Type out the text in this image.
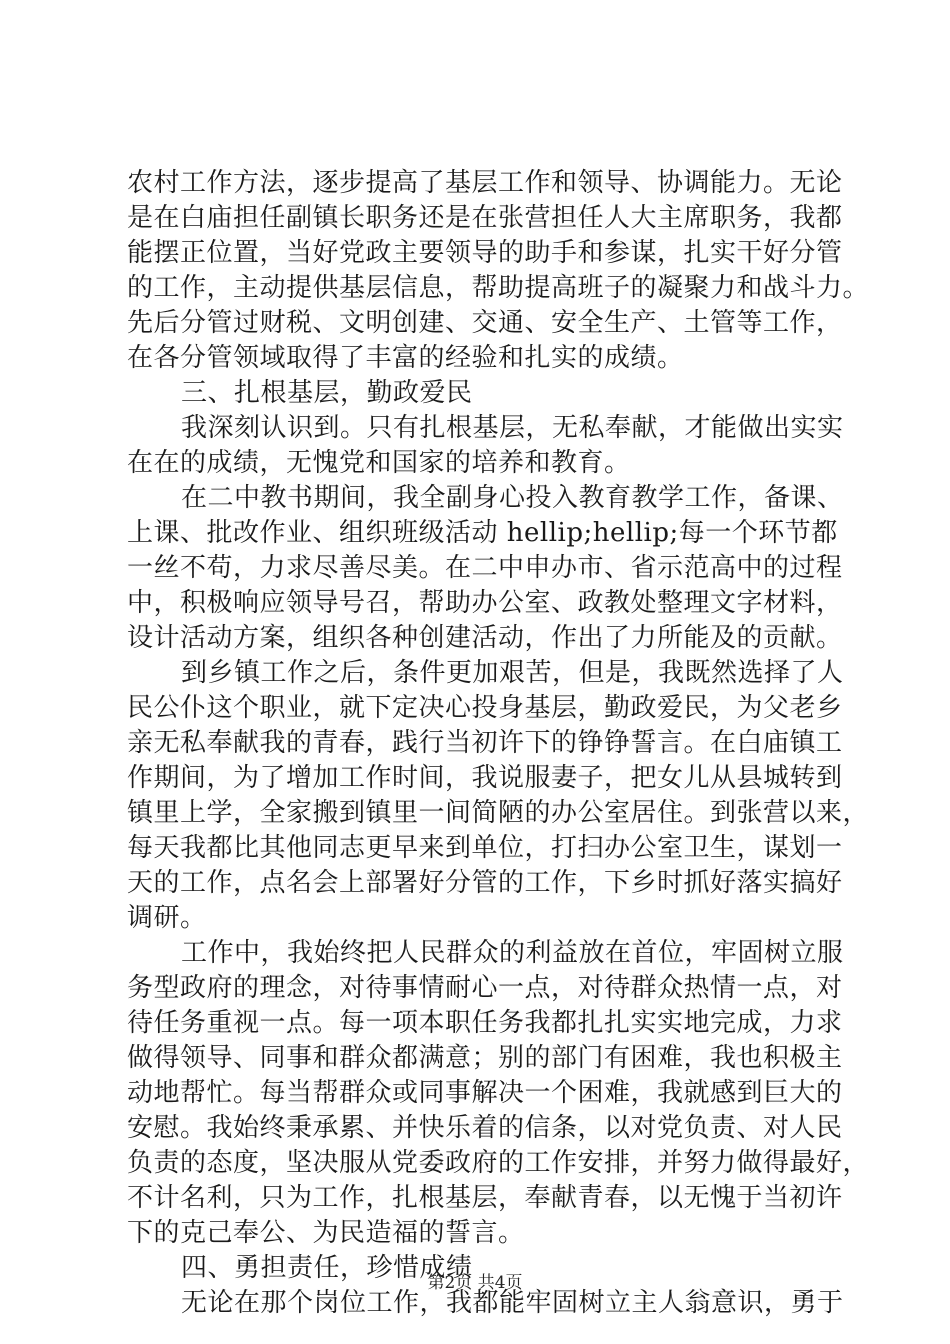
农村工作方法，逐步提高了基层工作和领导、协调能力。无论
是在白庙担任副镇长职务还是在张营担任人大主席职务，我都
能摆正位置，当好党政主要领导的助手和参谋，扎实干好分管
的工作，主动提供基层信息，帮助提高班子的凝聚力和战斗力。
先后分管过财税、文明创建、交通、安全生产、土管等工作，
在各分管领域取得了丰富的经验和扎实的成绩。
三、扎根基层，勤政爱民
我深刻认识到。只有扎根基层，无私奉献，才能做出实实
在在的成绩，无愧党和国家的培养和教育。
在二中教书期间，我全副身心投入教育教学工作，备课、
上课、批改作业、组织班级活动 hellip;hellip;每一个环节都
一丝不苟，力求尽善尽美。在二中申办市、省示范高中的过程
中，积极响应领导号召，帮助办公室、政教处整理文字材料，
设计活动方案，组织各种创建活动，作出了力所能及的贡献。
到乡镇工作之后，条件更加艰苦，但是，我既然选择了人
民公仆这个职业，就下定决心投身基层，勤政爱民，为父老乡
亲无私奉献我的青春，践行当初许下的铮铮誓言。在白庙镇工
作期间，为了增加工作时间，我说服妻子，把女儿从县城转到
镇里上学，全家搬到镇里一间简陋的办公室居住。到张营以来，
每天我都比其他同志更早来到单位，打扫办公室卫生，谋划一
天的工作，点名会上部署好分管的工作，下乡时抓好落实搞好
调研。
工作中，我始终把人民群众的利益放在首位，牢固树立服
务型政府的理念，对待事情耐心一点，对待群众热情一点，对
待任务重视一点。每一项本职任务我都扎扎实实地完成，力求
做得领导、同事和群众都满意；别的部门有困难，我也积极主
动地帮忙。每当帮群众或同事解决一个困难，我就感到巨大的
安慰。我始终秉承累、并快乐着的信条，以对党负责、对人民
负责的态度，坚决服从党委政府的工作安排，并努力做得最好，
不计名利，只为工作，扎根基层，奉献青春，以无愧于当初许
下的克己奉公、为民造福的誓言。
四、勇担责任，珍惜成绩
无论在那个岗位工作，我都能牢固树立主人翁意识，勇于
第2页 共4页
